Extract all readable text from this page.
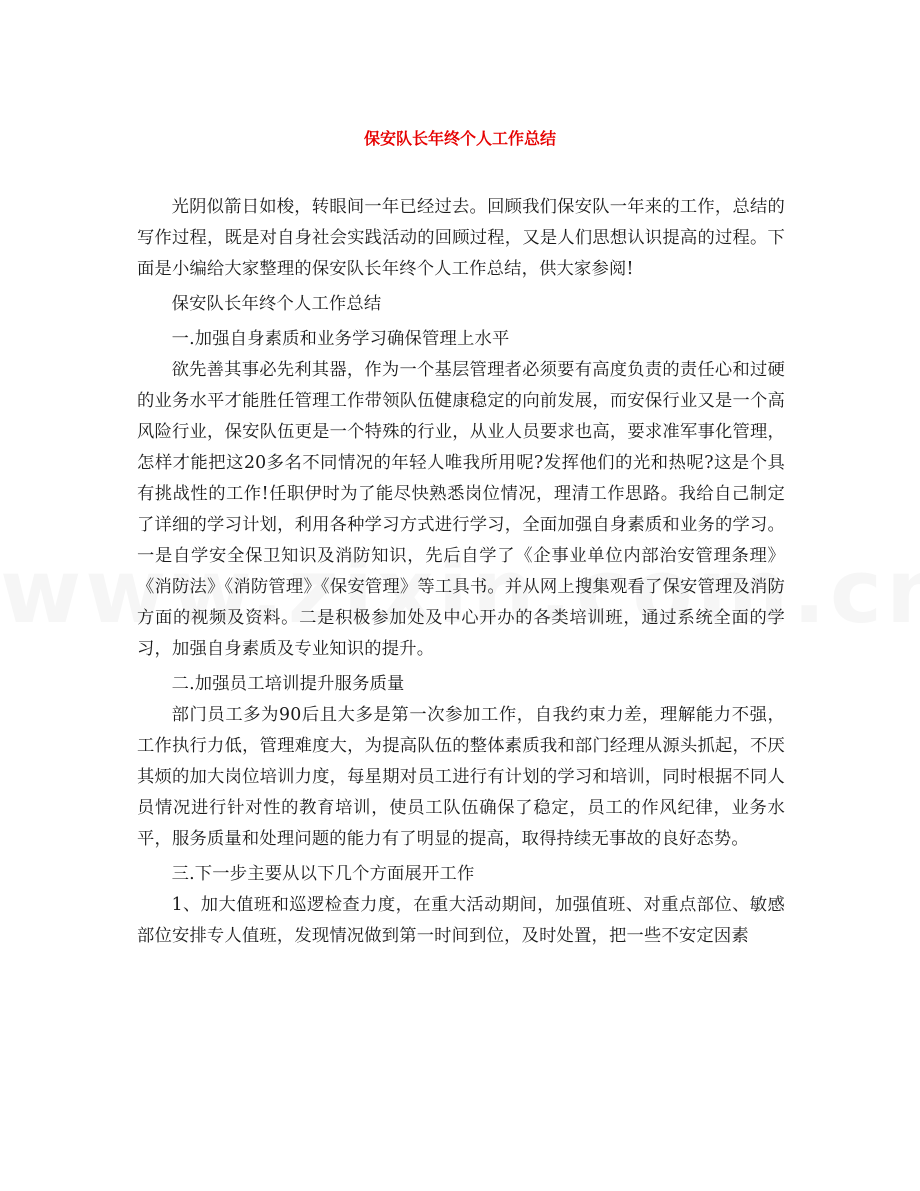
保安队长年终个人工作总结

光阴似箭日如梭，转眼间一年已经过去。回顾我们保安队一年来的工作，总结的写作过程，既是对自身社会实践活动的回顾过程，又是人们思想认识提高的过程。下面是小编给大家整理的保安队长年终个人工作总结，供大家参阅!

保安队长年终个人工作总结

一.加强自身素质和业务学习确保管理上水平

欲先善其事必先利其器，作为一个基层管理者必须要有高度负责的责任心和过硬的业务水平才能胜任管理工作带领队伍健康稳定的向前发展，而安保行业又是一个高风险行业，保安队伍更是一个特殊的行业，从业人员要求也高，要求准军事化管理，怎样才能把这20多名不同情况的年轻人唯我所用呢?发挥他们的光和热呢?这是个具有挑战性的工作!任职伊时为了能尽快熟悉岗位情况，理清工作思路。我给自己制定了详细的学习计划，利用各种学习方式进行学习，全面加强自身素质和业务的学习。一是自学安全保卫知识及消防知识，先后自学了《企事业单位内部治安管理条理》《消防法》《消防管理》《保安管理》等工具书。并从网上搜集观看了保安管理及消防方面的视频及资料。二是积极参加处及中心开办的各类培训班，通过系统全面的学习，加强自身素质及专业知识的提升。

二.加强员工培训提升服务质量

部门员工多为90后且大多是第一次参加工作，自我约束力差，理解能力不强，工作执行力低，管理难度大，为提高队伍的整体素质我和部门经理从源头抓起，不厌其烦的加大岗位培训力度，每星期对员工进行有计划的学习和培训，同时根据不同人员情况进行针对性的教育培训，使员工队伍确保了稳定，员工的作风纪律，业务水平，服务质量和处理问题的能力有了明显的提高，取得持续无事故的良好态势。

三.下一步主要从以下几个方面展开工作

1、加大值班和巡逻检查力度，在重大活动期间，加强值班、对重点部位、敏感部位安排专人值班，发现情况做到第一时间到位，及时处置，把一些不安定因素
